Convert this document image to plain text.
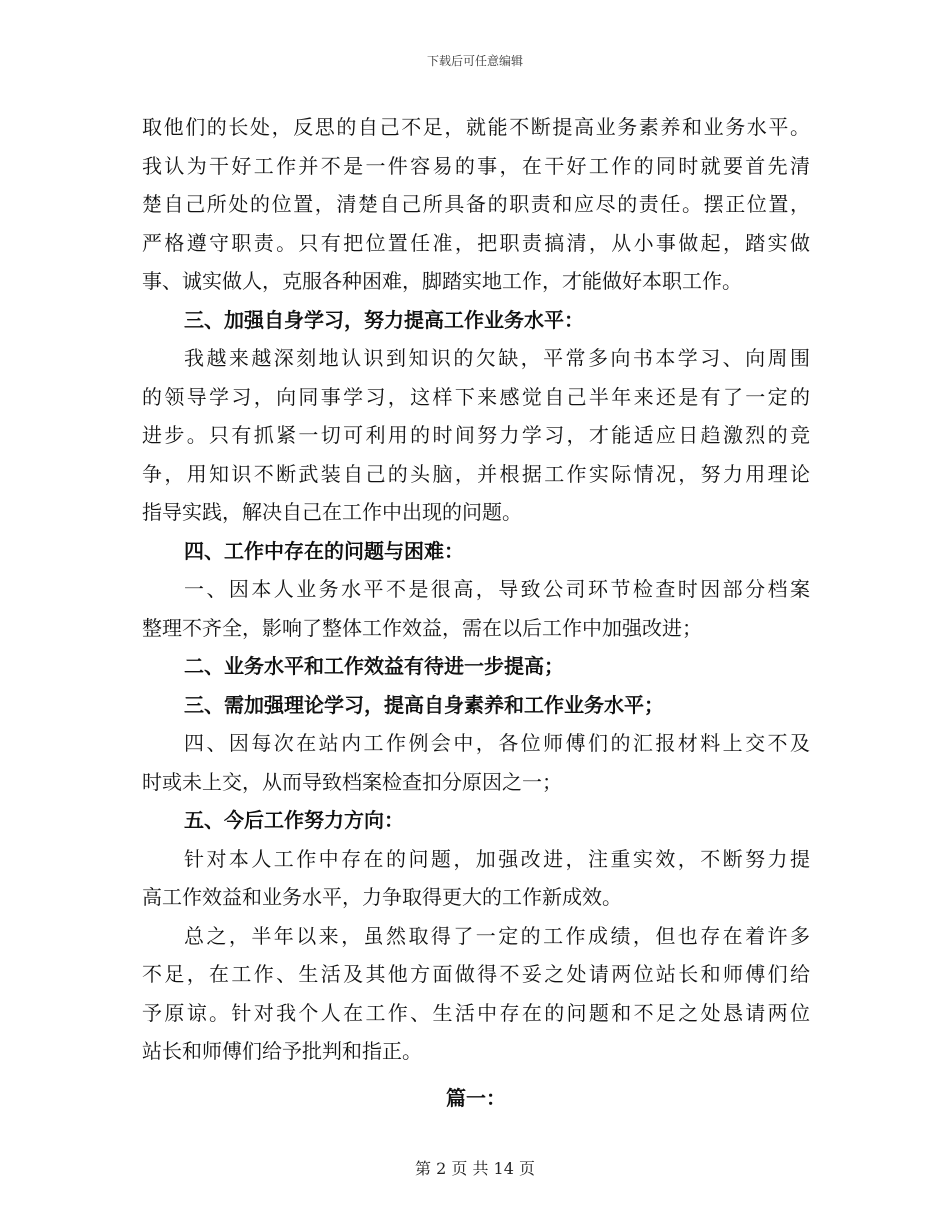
下载后可任意编辑
取他们的长处，反思的自己不足，就能不断提高业务素养和业务水平。
我认为干好工作并不是一件容易的事，在干好工作的同时就要首先清
楚自己所处的位置，清楚自己所具备的职责和应尽的责任。摆正位置，
严格遵守职责。只有把位置任准，把职责搞清，从小事做起，踏实做
事、诚实做人，克服各种困难，脚踏实地工作，才能做好本职工作。
三、加强自身学习，努力提高工作业务水平：
我越来越深刻地认识到知识的欠缺，平常多向书本学习、向周围
的领导学习，向同事学习，这样下来感觉自己半年来还是有了一定的
进步。只有抓紧一切可利用的时间努力学习，才能适应日趋激烈的竞
争，用知识不断武装自己的头脑，并根据工作实际情况，努力用理论
指导实践，解决自己在工作中出现的问题。
四、工作中存在的问题与困难：
一、因本人业务水平不是很高，导致公司环节检查时因部分档案
整理不齐全，影响了整体工作效益，需在以后工作中加强改进；
二、业务水平和工作效益有待进一步提高；
三、需加强理论学习，提高自身素养和工作业务水平；
四、因每次在站内工作例会中，各位师傅们的汇报材料上交不及
时或未上交，从而导致档案检查扣分原因之一；
五、今后工作努力方向：
针对本人工作中存在的问题，加强改进，注重实效，不断努力提
高工作效益和业务水平，力争取得更大的工作新成效。
总之，半年以来，虽然取得了一定的工作成绩，但也存在着许多
不足，在工作、生活及其他方面做得不妥之处请两位站长和师傅们给
予原谅。针对我个人在工作、生活中存在的问题和不足之处恳请两位
站长和师傅们给予批判和指正。
篇一：
第 2 页 共 14 页
